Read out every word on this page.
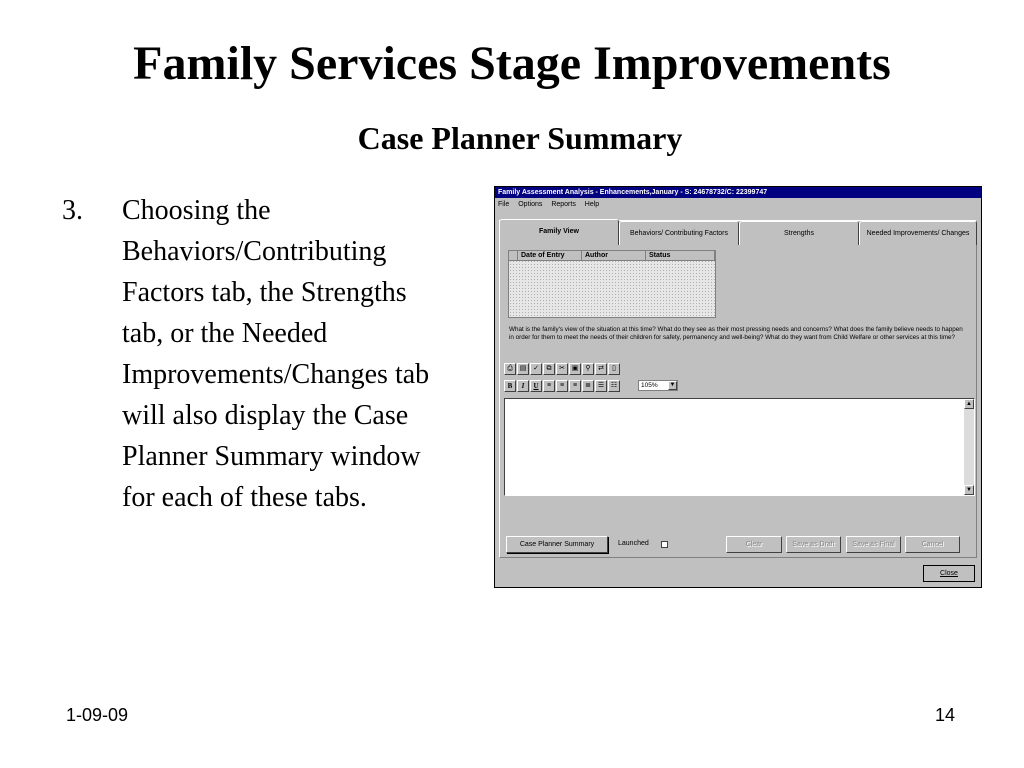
Family Services Stage Improvements
Case Planner Summary
3. Choosing the Behaviors/Contributing Factors tab, the Strengths tab, or the Needed Improvements/Changes tab will also display the Case Planner Summary window for each of these tabs.
Family Assessment Analysis - Enhancements,January - S: 24678732/C: 22399747
File Options Reports Help
Family View	Behaviors/ Contributing Factors	Strengths	Needed Improvements/ Changes
Date of Entry	Author	Status
What is the family's view of the situation at this time? What do they see as their most pressing needs and concerns? What does the family believe needs to happen in order for them to meet the needs of their children for safety, permanency and well-being? What do they want from Child Welfare or other services at this time?
⎙ ▤ ✓	⧉	✂ ▣	⚲	⇄	▯
B	I	U	≡	≡	≡	≣ ☰ ☷	105%	▼
▲
▼
Case Planner Summary	Launched	Clear	Save as Draft	Save as Final	Cancel
Close
1-09-09	14
